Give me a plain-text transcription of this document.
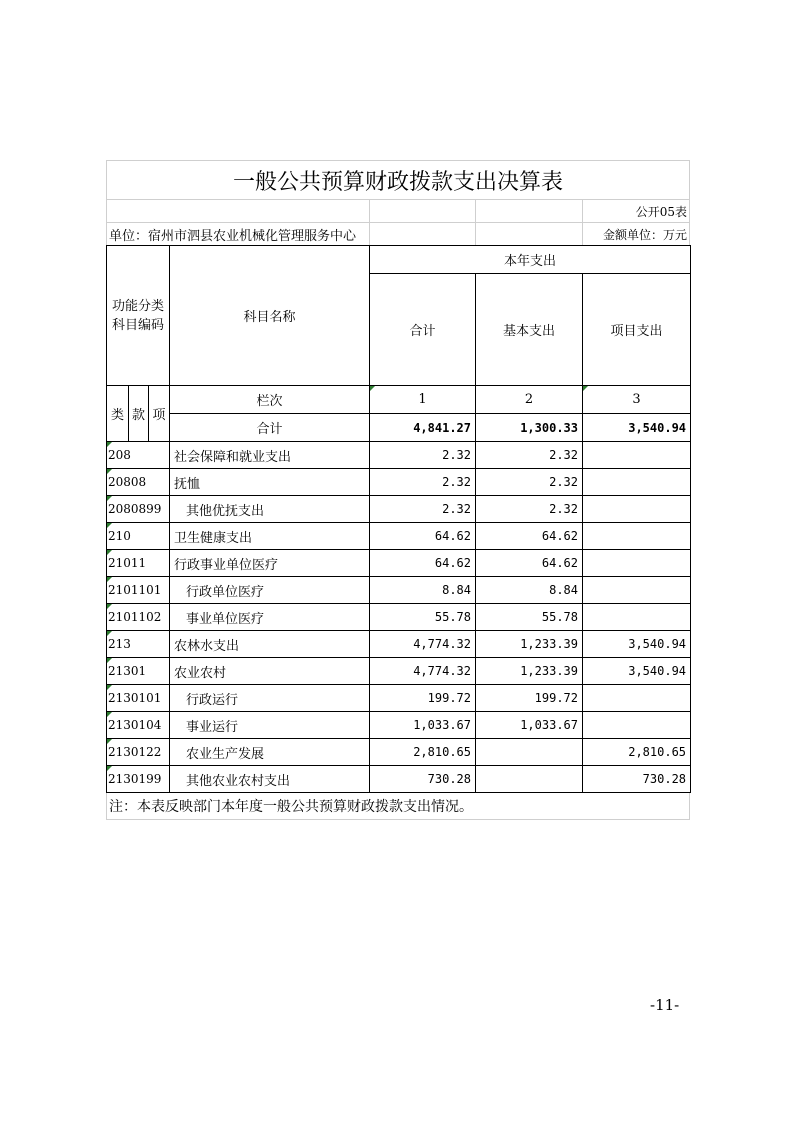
一般公共预算财政拨款支出决算表
公开05表
单位：宿州市泗县农业机械化管理服务中心	金额单位：万元
功能分类
科目编码			科目名称	本年支出		
				合计	基本支出	项目支出

类	款	项	栏次	1	2	3
			合计	4,841.27	1,300.33	3,540.94
208			社会保障和就业支出	2.32	2.32	
20808			抚恤	2.32	2.32	
2080899			其他优抚支出	2.32	2.32	
210			卫生健康支出	64.62	64.62	
21011			行政事业单位医疗	64.62	64.62	
2101101			行政单位医疗	8.84	8.84	
2101102			事业单位医疗	55.78	55.78	
213			农林水支出	4,774.32	1,233.39	3,540.94
21301			农业农村	4,774.32	1,233.39	3,540.94
2130101			行政运行	199.72	199.72	
2130104			事业运行	1,033.67	1,033.67	
2130122			农业生产发展	2,810.65		2,810.65
2130199			其他农业农村支出	730.28		730.28
注：本表反映部门本年度一般公共预算财政拨款支出情况。
-11-
